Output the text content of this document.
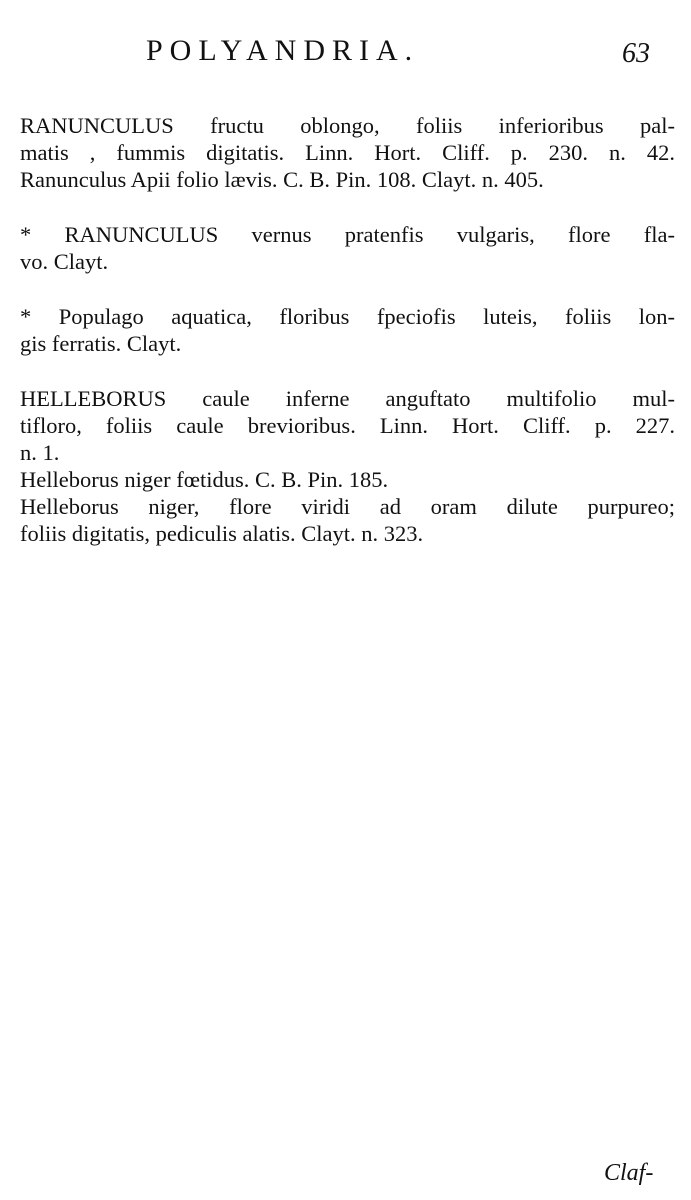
POLYANDRIA.	63
RANUNCULUS fructu oblongo, foliis inferioribus pal-
matis , fummis digitatis. Linn. Hort. Cliff. p. 230. n. 42.
Ranunculus Apii folio lævis. C. B. Pin. 108. Clayt. n. 405.
* RANUNCULUS vernus pratenfis vulgaris, flore fla-
vo. Clayt.
* Populago aquatica, floribus fpeciofis luteis, foliis lon-
gis ferratis. Clayt.
HELLEBORUS caule inferne anguftato multifolio mul-
tifloro, foliis caule brevioribus. Linn. Hort. Cliff. p. 227.
n. 1.
Helleborus niger fœtidus. C. B. Pin. 185.
Helleborus niger, flore viridi ad oram dilute purpureo;
foliis digitatis, pediculis alatis. Clayt. n. 323.
Claf-
